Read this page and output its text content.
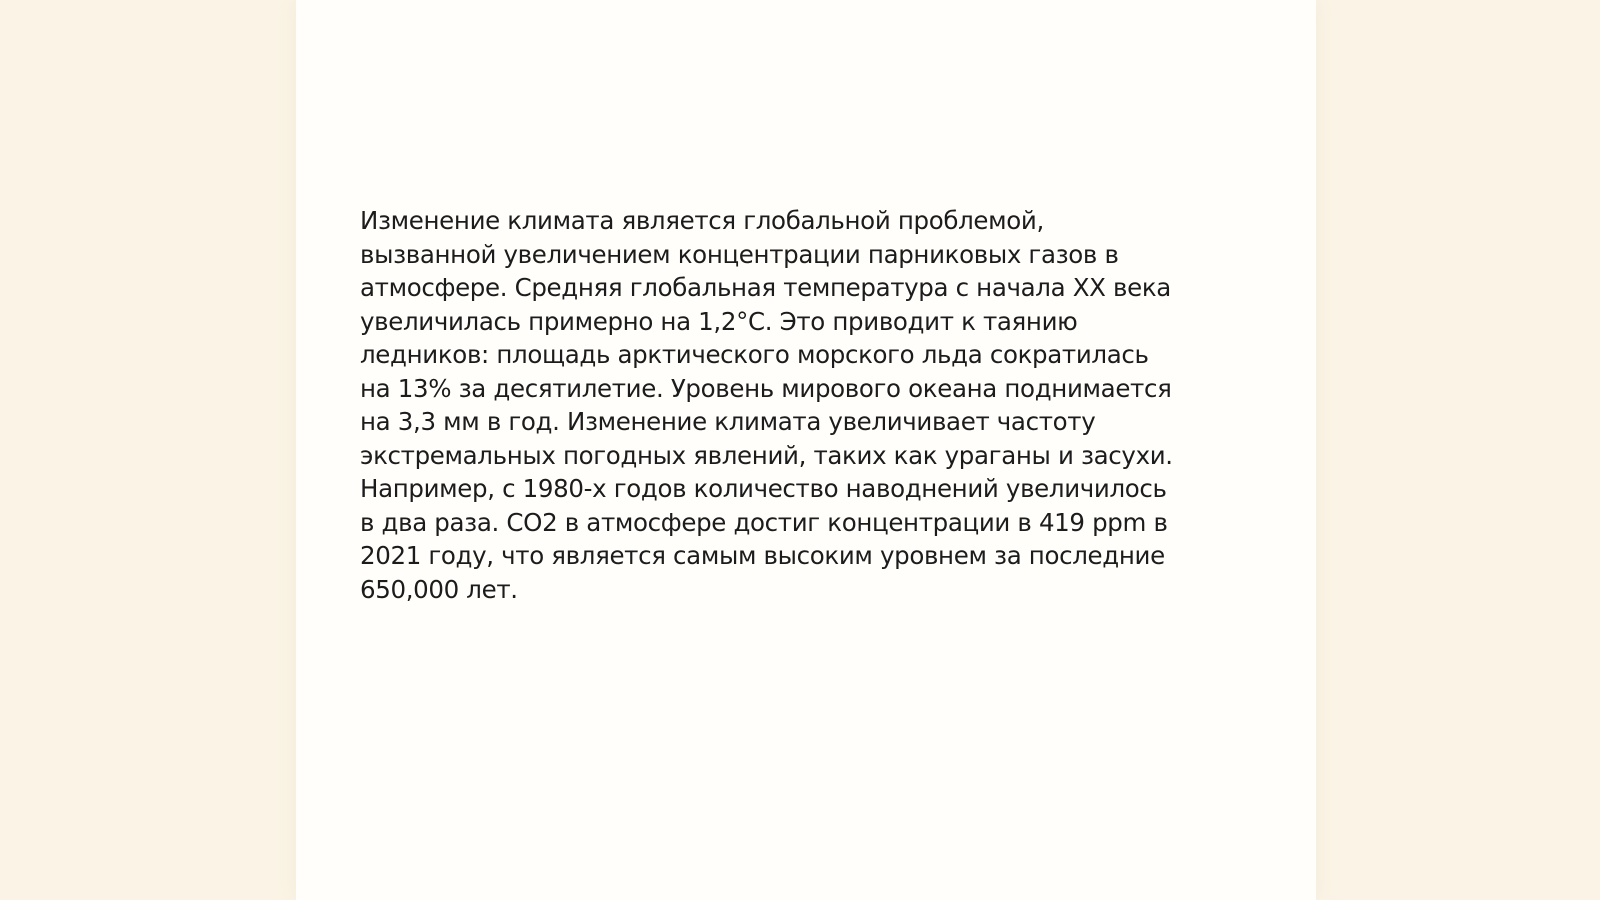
Изменение климата является глобальной проблемой,
вызванной увеличением концентрации парниковых газов в
атмосфере. Средняя глобальная температура с начала XX века
увеличилась примерно на 1,2°C. Это приводит к таянию
ледников: площадь арктического морского льда сократилась
на 13% за десятилетие. Уровень мирового океана поднимается
на 3,3 мм в год. Изменение климата увеличивает частоту
экстремальных погодных явлений, таких как ураганы и засухи.
Например, с 1980-х годов количество наводнений увеличилось
в два раза. CO2 в атмосфере достиг концентрации в 419 ppm в
2021 году, что является самым высоким уровнем за последние
650,000 лет.
